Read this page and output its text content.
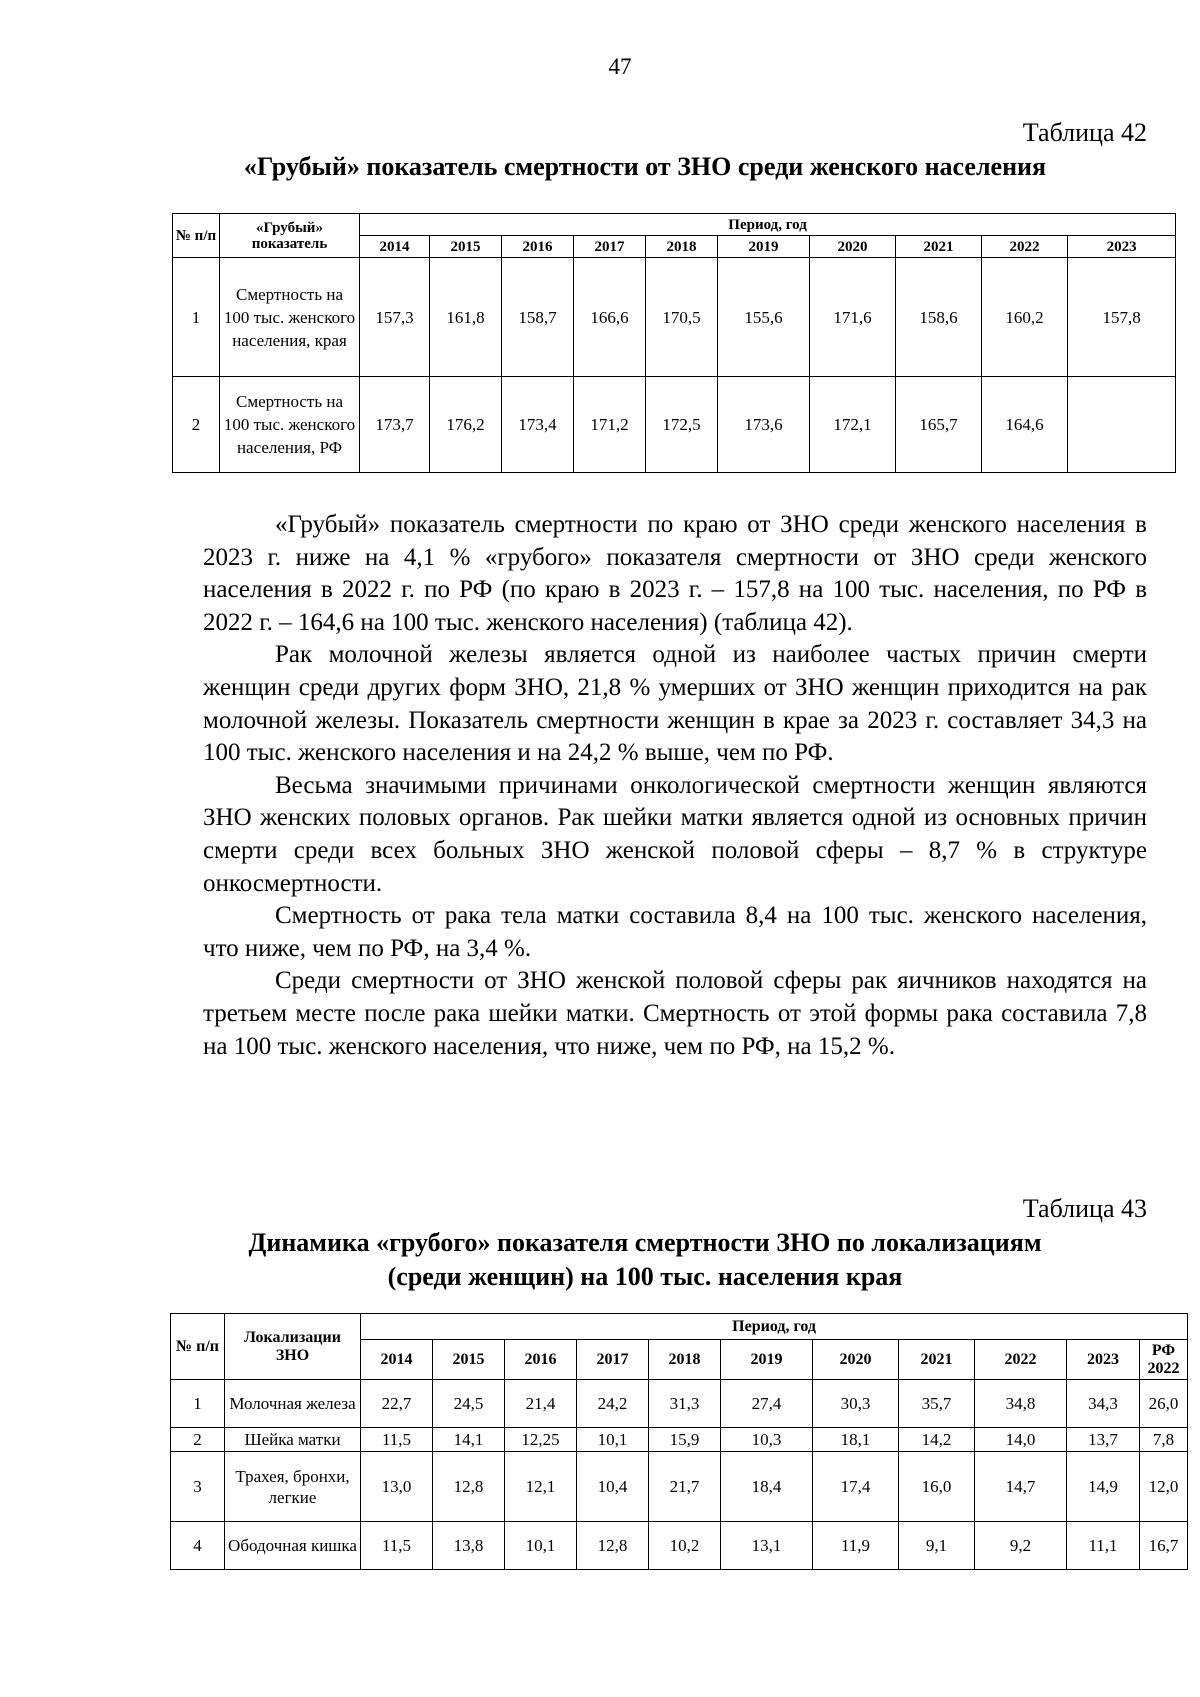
47
Таблица 42
«Грубый» показатель смертности от ЗНО среди женского населения
№ п/п	«Грубый» показатель	Период, год									
		2014	2015	2016	2017	2018	2019	2020	2021	2022	2023
1	Смертность на 100 тыс. женского населения, края	157,3	161,8	158,7	166,6	170,5	155,6	171,6	158,6	160,2	157,8
2	Смертность на 100 тыс. женского населения, РФ	173,7	176,2	173,4	171,2	172,5	173,6	172,1	165,7	164,6	

«Грубый» показатель смертности по краю от ЗНО среди женского населения в 2023 г. ниже на 4,1 % «грубого» показателя смертности от ЗНО среди женского населения в 2022 г. по РФ (по краю в 2023 г. – 157,8 на 100 тыс. населения, по РФ в 2022 г. – 164,6 на 100 тыс. женского населения) (таблица 42).

Рак молочной железы является одной из наиболее частых причин смерти женщин среди других форм ЗНО, 21,8 % умерших от ЗНО женщин приходится на рак молочной железы. Показатель смертности женщин в крае за 2023 г. составляет 34,3 на 100 тыс. женского населения и на 24,2 % выше, чем по РФ.

Весьма значимыми причинами онкологической смертности женщин являются ЗНО женских половых органов. Рак шейки матки является одной из основных причин смерти среди всех больных ЗНО женской половой сферы – 8,7 % в структуре онкосмертности.

Смертность от рака тела матки составила 8,4 на 100 тыс. женского населения, что ниже, чем по РФ, на 3,4 %.

Среди смертности от ЗНО женской половой сферы рак яичников находятся на третьем месте после рака шейки матки. Смертность от этой формы рака составила 7,8 на 100 тыс. женского населения, что ниже, чем по РФ, на 15,2 %.

Таблица 43
Динамика «грубого» показателя смертности ЗНО по локализациям
(среди женщин) на 100 тыс. населения края
№ п/п	Локализации ЗНО	Период, год										
		2014	2015	2016	2017	2018	2019	2020	2021	2022	2023	РФ 2022
1	Молочная железа	22,7	24,5	21,4	24,2	31,3	27,4	30,3	35,7	34,8	34,3	26,0
2	Шейка матки	11,5	14,1	12,25	10,1	15,9	10,3	18,1	14,2	14,0	13,7	7,8
3	Трахея, бронхи, легкие	13,0	12,8	12,1	10,4	21,7	18,4	17,4	16,0	14,7	14,9	12,0
4	Ободочная кишка	11,5	13,8	10,1	12,8	10,2	13,1	11,9	9,1	9,2	11,1	16,7
